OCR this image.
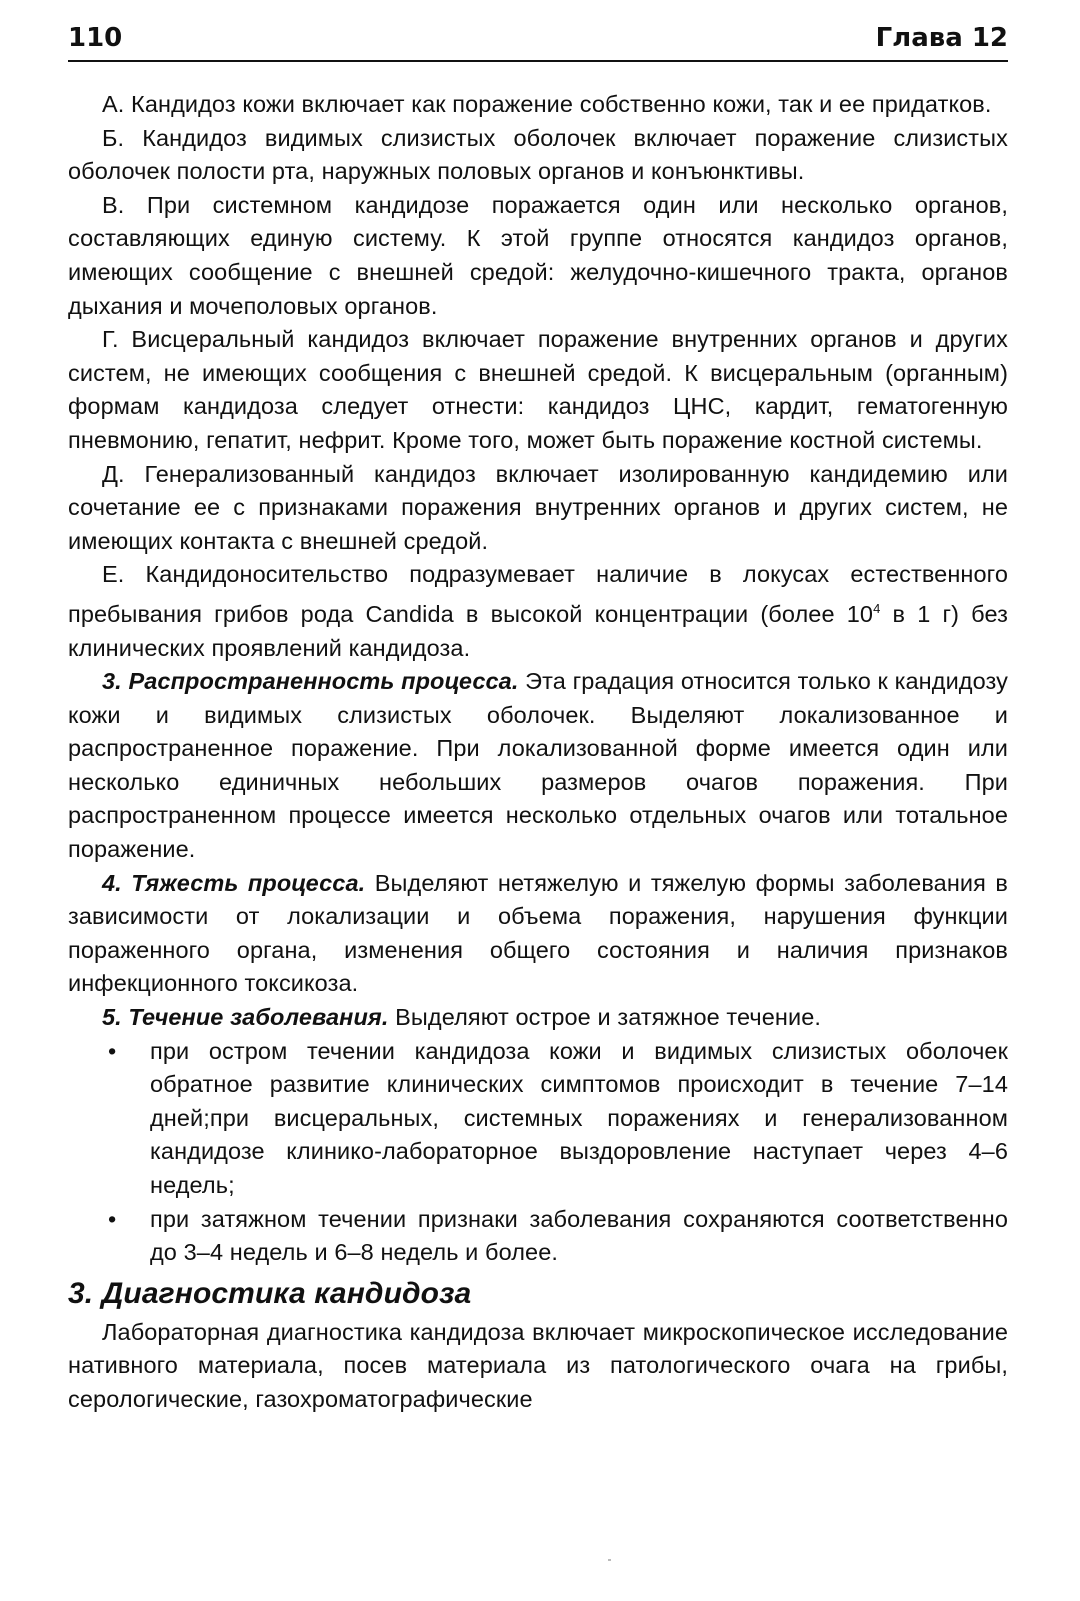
110	Глава 12

А. Кандидоз кожи включает как поражение собственно кожи, так и ее придатков.

Б. Кандидоз видимых слизистых оболочек включает поражение слизистых оболочек полости рта, наружных половых органов и конъюнктивы.

В. При системном кандидозе поражается один или несколько органов, составляющих единую систему. К этой группе относятся кандидоз органов, имеющих сообщение с внешней средой: желудочно-кишечного тракта, органов дыхания и мочеполовых органов.

Г. Висцеральный кандидоз включает поражение внутренних органов и других систем, не имеющих сообщения с внешней средой. К висцеральным (органным) формам кандидоза следует отнести: кандидоз ЦНС, кардит, гематогенную пневмонию, гепатит, нефрит. Кроме того, может быть поражение костной системы.

Д. Генерализованный кандидоз включает изолированную кандидемию или сочетание ее с признаками поражения внутренних органов и других систем, не имеющих контакта с внешней средой.

Е. Кандидоносительство подразумевает наличие в локусах естественного пребывания грибов рода Candida в высокой концентрации (более $10^4$ в 1 г) без клинических проявлений кандидоза.

3. Распространенность процесса. Эта градация относится только к кандидозу кожи и видимых слизистых оболочек. Выделяют локализованное и распространенное поражение. При локализованной форме имеется один или несколько единичных небольших размеров очагов поражения. При распространенном процессе имеется несколько отдельных очагов или тотальное поражение.

4. Тяжесть процесса. Выделяют нетяжелую и тяжелую формы заболевания в зависимости от локализации и объема поражения, нарушения функции пораженного органа, изменения общего состояния и наличия признаков инфекционного токсикоза.

5. Течение заболевания. Выделяют острое и затяжное течение.

• при остром течении кандидоза кожи и видимых слизистых оболочек обратное развитие клинических симптомов происходит в течение 7–14 дней;при висцеральных, системных поражениях и генерализованном кандидозе клинико-лабораторное выздоровление наступает через 4–6 недель;
• при затяжном течении признаки заболевания сохраняются соответственно до 3–4 недель и 6–8 недель и более.
3. Диагностика кандидоза

Лабораторная диагностика кандидоза включает микроскопическое исследование нативного материала, посев материала из патологического очага на грибы, серологические, газохроматографические
